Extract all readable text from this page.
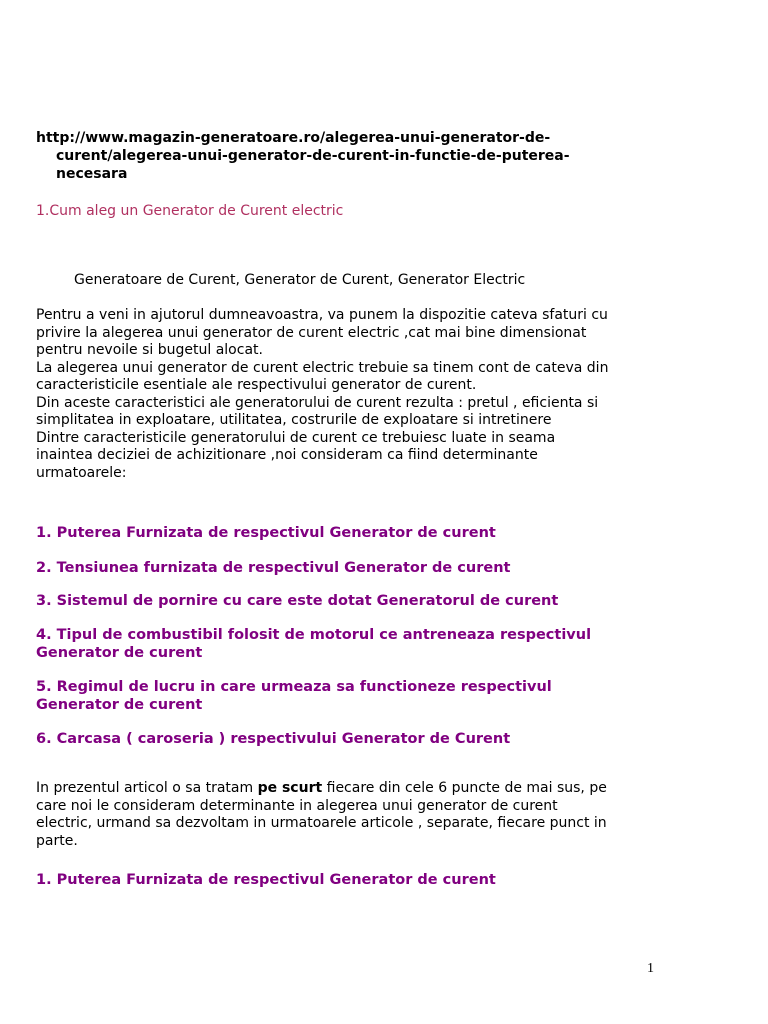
http://www.magazin-generatoare.ro/alegerea-unui-generator-de-
curent/alegerea-unui-generator-de-curent-in-functie-de-puterea-
necesara
1.Cum aleg un Generator de Curent electric
Generatoare de Curent, Generator de Curent, Generator Electric
Pentru a veni in ajutorul dumneavoastra, va punem la dispozitie cateva sfaturi cu
privire la alegerea unui generator de curent electric ,cat mai bine dimensionat
pentru nevoile si bugetul alocat.
La alegerea unui generator de curent electric trebuie sa tinem cont de cateva din
caracteristicile esentiale ale respectivului generator de curent.
Din aceste caracteristici ale generatorului de curent rezulta : pretul , eficienta si
simplitatea in exploatare, utilitatea, costrurile de exploatare si intretinere
Dintre caracteristicile generatorului de curent ce trebuiesc luate in seama
inaintea deciziei de achizitionare ,noi consideram ca fiind determinante
urmatoarele:
1. Puterea Furnizata de respectivul Generator de curent
2. Tensiunea furnizata de respectivul Generator de curent
3. Sistemul de pornire cu care este dotat Generatorul de curent
4. Tipul de combustibil folosit de motorul ce antreneaza respectivul
Generator de curent
5. Regimul de lucru in care urmeaza sa functioneze respectivul
Generator de curent
6. Carcasa ( caroseria ) respectivului Generator de Curent
In prezentul articol o sa tratam pe scurt fiecare din cele 6 puncte de mai sus, pe
care noi le consideram determinante in alegerea unui generator de curent
electric, urmand sa dezvoltam in urmatoarele articole , separate, fiecare punct in
parte.
1. Puterea Furnizata de respectivul Generator de curent
1
